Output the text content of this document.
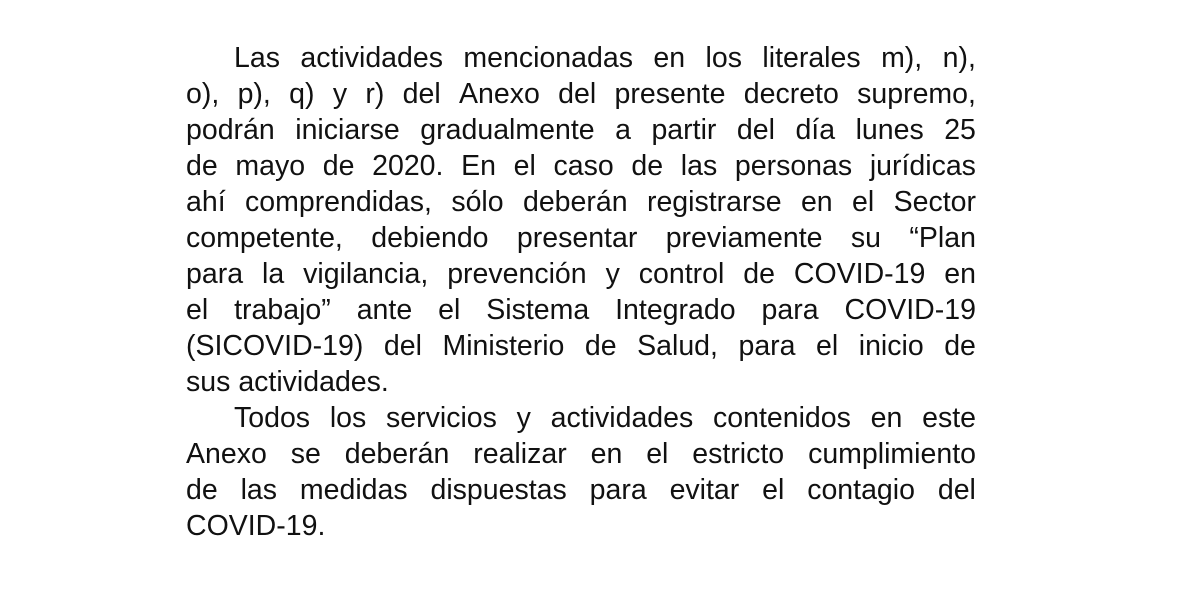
Las actividades mencionadas en los literales m), n),
o), p), q) y r) del Anexo del presente decreto supremo,
podrán iniciarse gradualmente a partir del día lunes 25
de mayo de 2020. En el caso de las personas jurídicas
ahí comprendidas, sólo deberán registrarse en el Sector
competente, debiendo presentar previamente su “Plan
para la vigilancia, prevención y control de COVID-19 en
el trabajo” ante el Sistema Integrado para COVID-19
(SICOVID-19) del Ministerio de Salud, para el inicio de
sus actividades.
Todos los servicios y actividades contenidos en este
Anexo se deberán realizar en el estricto cumplimiento
de las medidas dispuestas para evitar el contagio del
COVID-19.
